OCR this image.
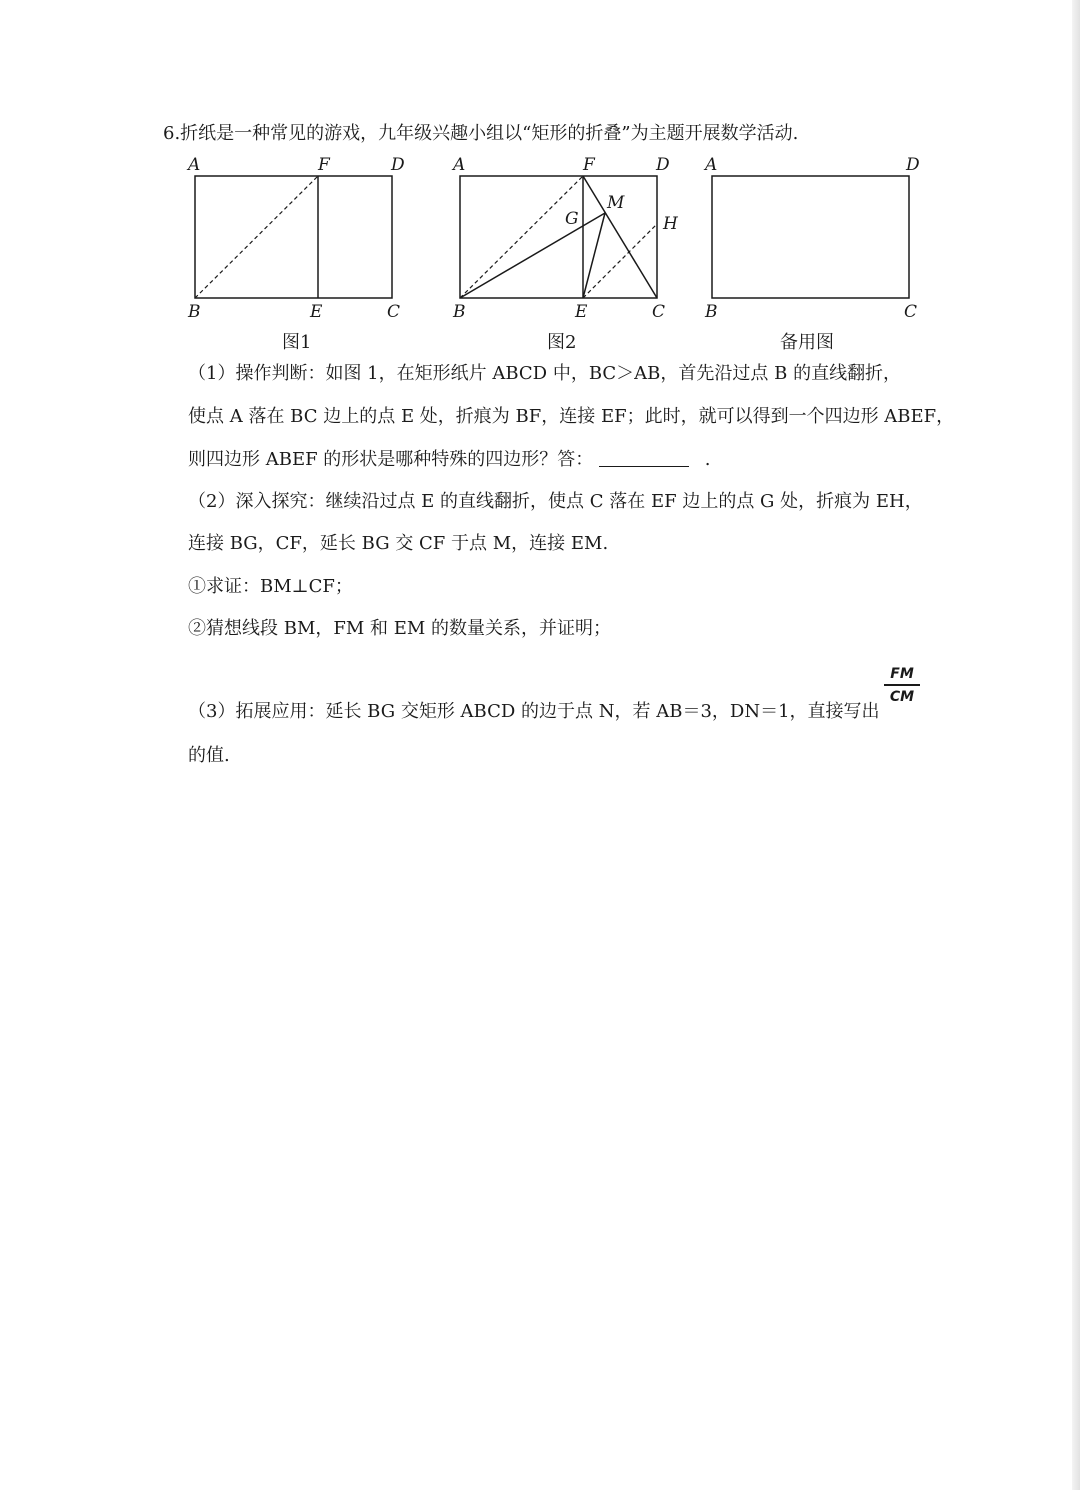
6.折纸是一种常见的游戏，九年级兴趣小组以“矩形的折叠”为主题开展数学活动.
A	F	D
B	E	C
图1
A	F	D
G
M
H
B	E	C
图2
A	D
B	C
备用图
（1）操作判断：如图 1，在矩形纸片 ABCD 中，BC＞AB，首先沿过点 B 的直线翻折，
使点 A 落在 BC 边上的点 E 处，折痕为 BF，连接 EF；此时，就可以得到一个四边形 ABEF，
则四边形 ABEF 的形状是哪种特殊的四边形？答：	.
（2）深入探究：继续沿过点 E 的直线翻折，使点 C 落在 EF 边上的点 G 处，折痕为 EH，
连接 BG，CF，延长 BG 交 CF 于点 M，连接 EM.
①求证：BM⊥CF；
②猜想线段 BM，FM 和 EM 的数量关系，并证明；
（3）拓展应用：延长 BG 交矩形 ABCD 的边于点 N，若 AB＝3，DN＝1，直接写出
FM
CM
的值.
